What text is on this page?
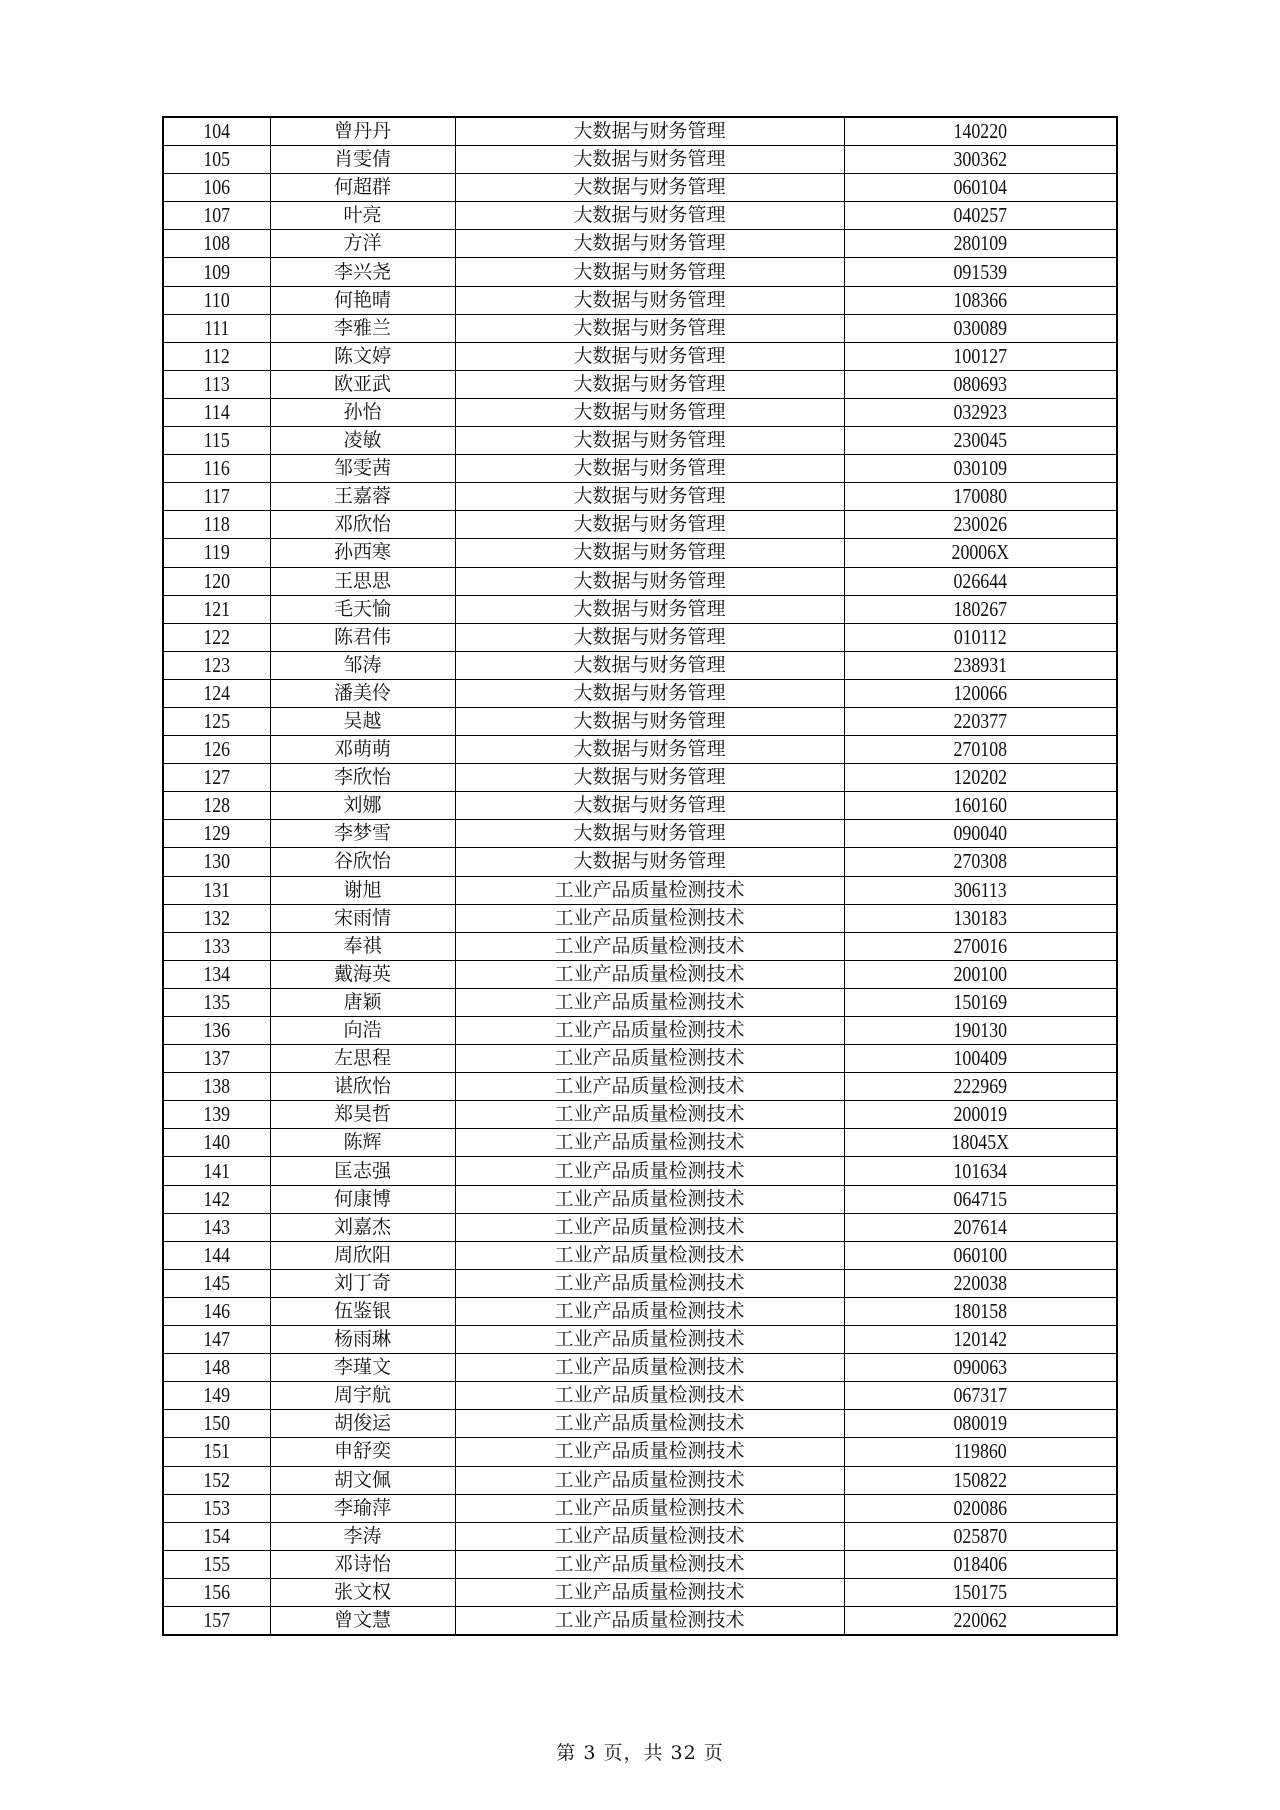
104	曾丹丹	大数据与财务管理	140220
105	肖雯倩	大数据与财务管理	300362
106	何超群	大数据与财务管理	060104
107	叶亮	大数据与财务管理	040257
108	方洋	大数据与财务管理	280109
109	李兴尧	大数据与财务管理	091539
110	何艳晴	大数据与财务管理	108366
111	李雅兰	大数据与财务管理	030089
112	陈文婷	大数据与财务管理	100127
113	欧亚武	大数据与财务管理	080693
114	孙怡	大数据与财务管理	032923
115	凌敏	大数据与财务管理	230045
116	邹雯茜	大数据与财务管理	030109
117	王嘉蓉	大数据与财务管理	170080
118	邓欣怡	大数据与财务管理	230026
119	孙西寒	大数据与财务管理	20006X
120	王思思	大数据与财务管理	026644
121	毛天愉	大数据与财务管理	180267
122	陈君伟	大数据与财务管理	010112
123	邹涛	大数据与财务管理	238931
124	潘美伶	大数据与财务管理	120066
125	吴越	大数据与财务管理	220377
126	邓萌萌	大数据与财务管理	270108
127	李欣怡	大数据与财务管理	120202
128	刘娜	大数据与财务管理	160160
129	李梦雪	大数据与财务管理	090040
130	谷欣怡	大数据与财务管理	270308
131	谢旭	工业产品质量检测技术	306113
132	宋雨情	工业产品质量检测技术	130183
133	奉祺	工业产品质量检测技术	270016
134	戴海英	工业产品质量检测技术	200100
135	唐颖	工业产品质量检测技术	150169
136	向浩	工业产品质量检测技术	190130
137	左思程	工业产品质量检测技术	100409
138	谌欣怡	工业产品质量检测技术	222969
139	郑昊哲	工业产品质量检测技术	200019
140	陈辉	工业产品质量检测技术	18045X
141	匡志强	工业产品质量检测技术	101634
142	何康博	工业产品质量检测技术	064715
143	刘嘉杰	工业产品质量检测技术	207614
144	周欣阳	工业产品质量检测技术	060100
145	刘丁奇	工业产品质量检测技术	220038
146	伍鉴银	工业产品质量检测技术	180158
147	杨雨琳	工业产品质量检测技术	120142
148	李瑾文	工业产品质量检测技术	090063
149	周宇航	工业产品质量检测技术	067317
150	胡俊运	工业产品质量检测技术	080019
151	申舒奕	工业产品质量检测技术	119860
152	胡文佩	工业产品质量检测技术	150822
153	李瑜萍	工业产品质量检测技术	020086
154	李涛	工业产品质量检测技术	025870
155	邓诗怡	工业产品质量检测技术	018406
156	张文权	工业产品质量检测技术	150175
157	曾文慧	工业产品质量检测技术	220062
第 3 页，共 32 页
